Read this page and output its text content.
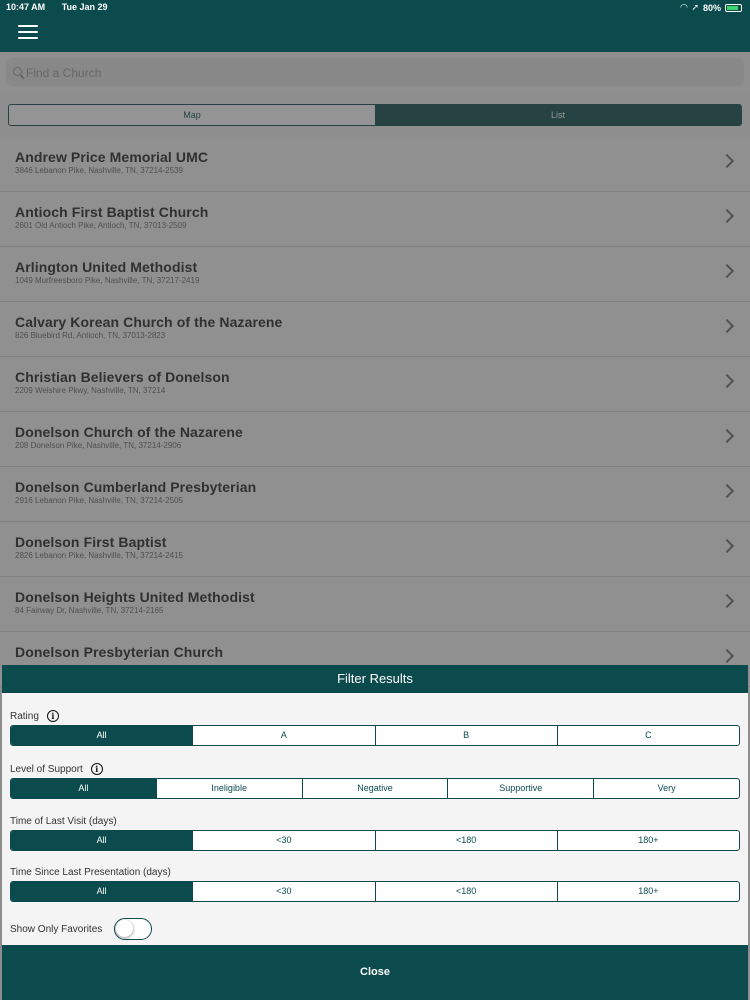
10:47 AM Tue Jan 29	◠ ➚ 80%
Find a Church
Filter Results
Rating	i
All	A	B	C
Level of Support	i
All	Ineligible	Negative	Supportive	Very
Time of Last Visit (days)
All	<30	<180	180+
Time Since Last Presentation (days)
All	<30	<180	180+
Show Only Favorites
Close
